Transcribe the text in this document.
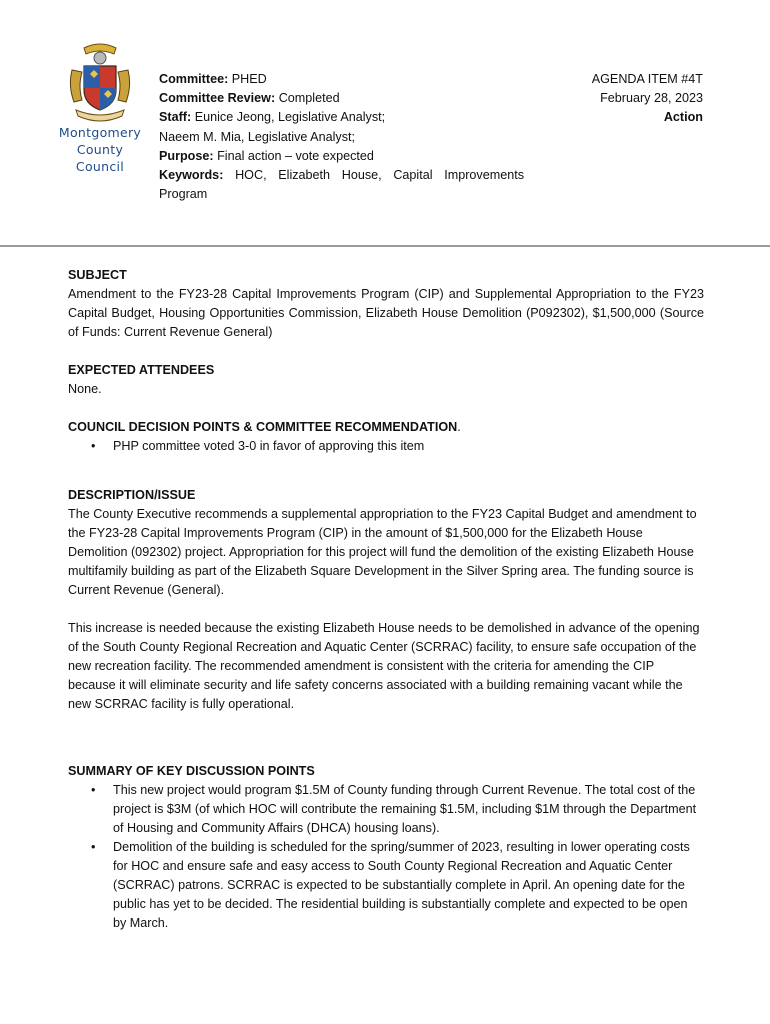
Montgomery
County Council
Committee: PHED
Committee Review: Completed
Staff: Eunice Jeong, Legislative Analyst;
Naeem M. Mia, Legislative Analyst;
Purpose: Final action – vote expected
Keywords: HOC, Elizabeth House, Capital Improvements Program
AGENDA ITEM #4T
February 28, 2023
Action
SUBJECT

Amendment to the FY23-28 Capital Improvements Program (CIP) and Supplemental Appropriation to the FY23 Capital Budget, Housing Opportunities Commission, Elizabeth House Demolition (P092302), $1,500,000 (Source of Funds: Current Revenue General)

EXPECTED ATTENDEES

None.

COUNCIL DECISION POINTS & COMMITTEE RECOMMENDATION.
• PHP committee voted 3-0 in favor of approving this item
DESCRIPTION/ISSUE

The County Executive recommends a supplemental appropriation to the FY23 Capital Budget and amendment to the FY23-28 Capital Improvements Program (CIP) in the amount of $1,500,000 for the Elizabeth House Demolition (092302) project. Appropriation for this project will fund the demolition of the existing Elizabeth House multifamily building as part of the Elizabeth Square Development in the Silver Spring area. The funding source is Current Revenue (General).

This increase is needed because the existing Elizabeth House needs to be demolished in advance of the opening of the South County Regional Recreation and Aquatic Center (SCRRAC) facility, to ensure safe occupation of the new recreation facility. The recommended amendment is consistent with the criteria for amending the CIP because it will eliminate security and life safety concerns associated with a building remaining vacant while the new SCRRAC facility is fully operational.

SUMMARY OF KEY DISCUSSION POINTS
• This new project would program $1.5M of County funding through Current Revenue. The total cost of the project is $3M (of which HOC will contribute the remaining $1.5M, including $1M through the Department of Housing and Community Affairs (DHCA) housing loans).
• Demolition of the building is scheduled for the spring/summer of 2023, resulting in lower operating costs for HOC and ensure safe and easy access to South County Regional Recreation and Aquatic Center (SCRRAC) patrons. SCRRAC is expected to be substantially complete in April. An opening date for the public has yet to be decided. The residential building is substantially complete and expected to be open by March.
